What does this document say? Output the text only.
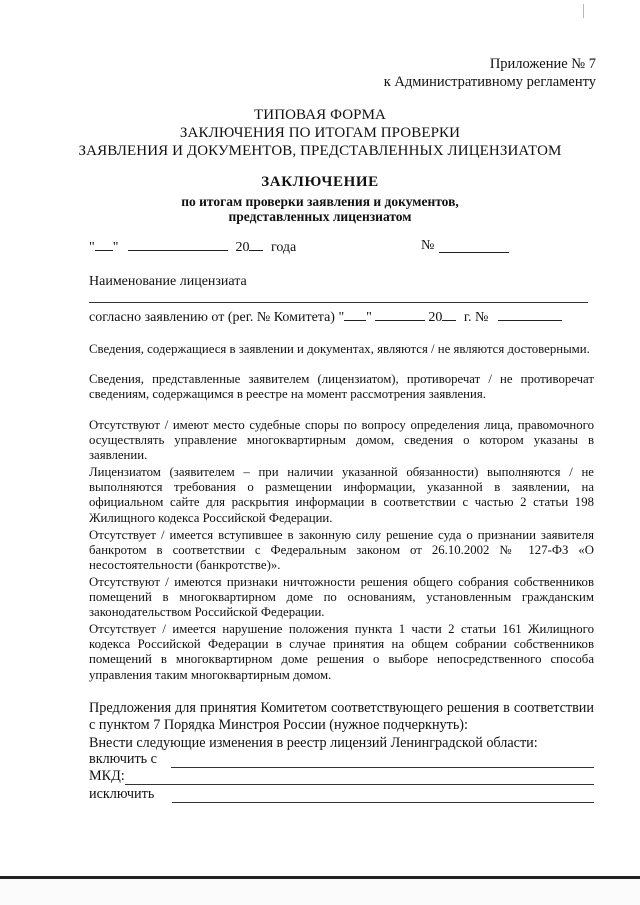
Приложение № 7
к Административному регламенту
ТИПОВАЯ ФОРМА
ЗАКЛЮЧЕНИЯ ПО ИТОГАМ ПРОВЕРКИ
ЗАЯВЛЕНИЯ И ДОКУМЕНТОВ, ПРЕДСТАВЛЕННЫХ ЛИЦЕНЗИАТОМ
ЗАКЛЮЧЕНИЕ
по итогам проверки заявления и документов,
представленных лицензиатом
" "	20 года	№
Наименование лицензиата
согласно заявлению от (рег. № Комитета) " "	20 г. №
Сведения, содержащиеся в заявлении и документах, являются / не являются достоверными.
Сведения, представленные заявителем (лицензиатом), противоречат / не противоречат сведениям, содержащимся в реестре на момент рассмотрения заявления.
Отсутствуют / имеют место судебные споры по вопросу определения лица, правомочного осуществлять управление многоквартирным домом, сведения о котором указаны в заявлении.
Лицензиатом (заявителем – при наличии указанной обязанности) выполняются / не выполняются требования о размещении информации, указанной в заявлении, на официальном сайте для раскрытия информации в соответствии с частью 2 статьи 198 Жилищного кодекса Российской Федерации.
Отсутствует / имеется вступившее в законную силу решение суда о признании заявителя банкротом в соответствии с Федеральным законом от 26.10.2002 № 127-ФЗ «О несостоятельности (банкротстве)».
Отсутствуют / имеются признаки ничтожности решения общего собрания собственников помещений в многоквартирном доме по основаниям, установленным гражданским законодательством Российской Федерации.
Отсутствует / имеется нарушение положения пункта 1 части 2 статьи 161 Жилищного кодекса Российской Федерации в случае принятия на общем собрании собственников помещений в многоквартирном доме решения о выборе непосредственного способа управления таким многоквартирным домом.
Предложения для принятия Комитетом соответствующего решения в соответствии с пунктом 7 Порядка Минстроя России (нужное подчеркнуть):
Внести следующие изменения в реестр лицензий Ленинградской области:
включить с
МКД:
исключить
